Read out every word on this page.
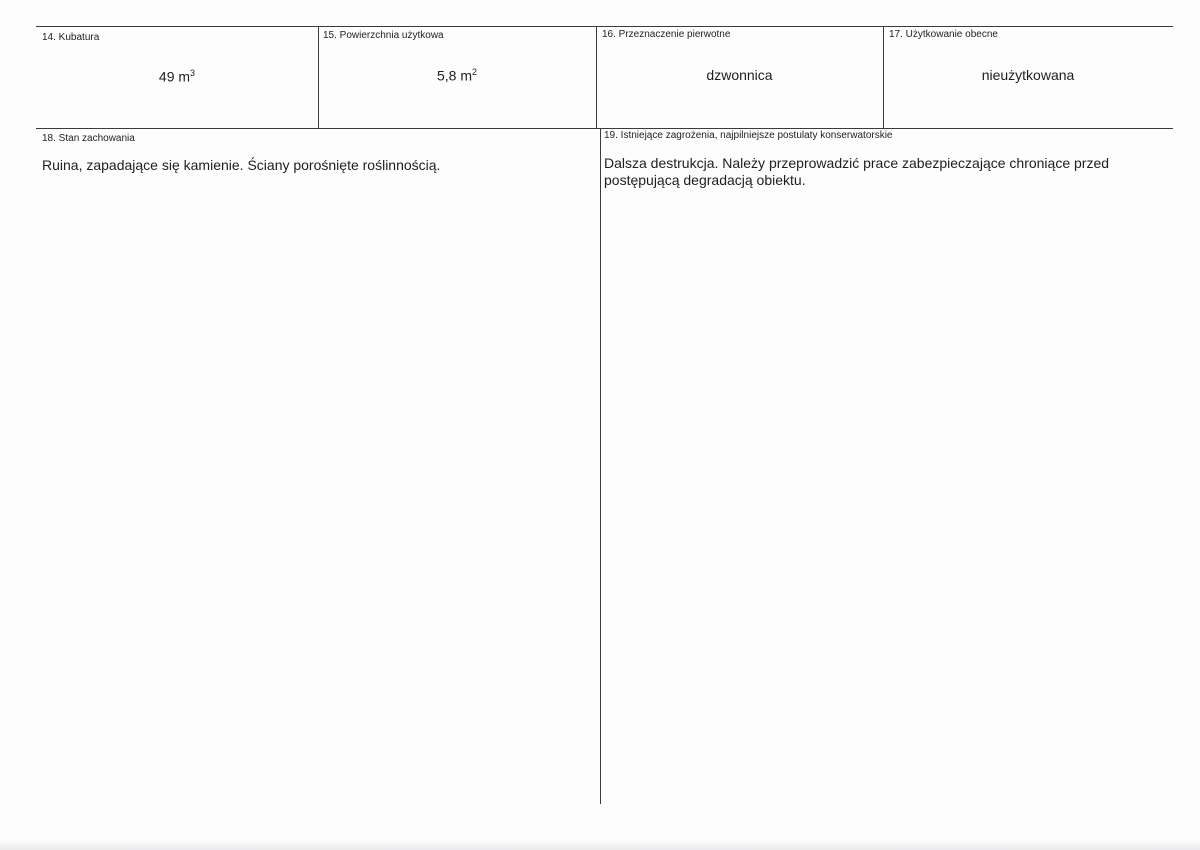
14. Kubatura
49 $m^3$
15. Powierzchnia użytkowa
5,8 $m^2$
16. Przeznaczenie pierwotne
dzwonnica
17. Użytkowanie obecne
nieużytkowana
18. Stan zachowania
Ruina, zapadające się kamienie. Ściany porośnięte roślinnością.
19. Istniejące zagrożenia, najpilniejsze postulaty konserwatorskie
Dalsza destrukcja. Należy przeprowadzić prace zabezpieczające chroniące przed postępującą degradacją obiektu.
